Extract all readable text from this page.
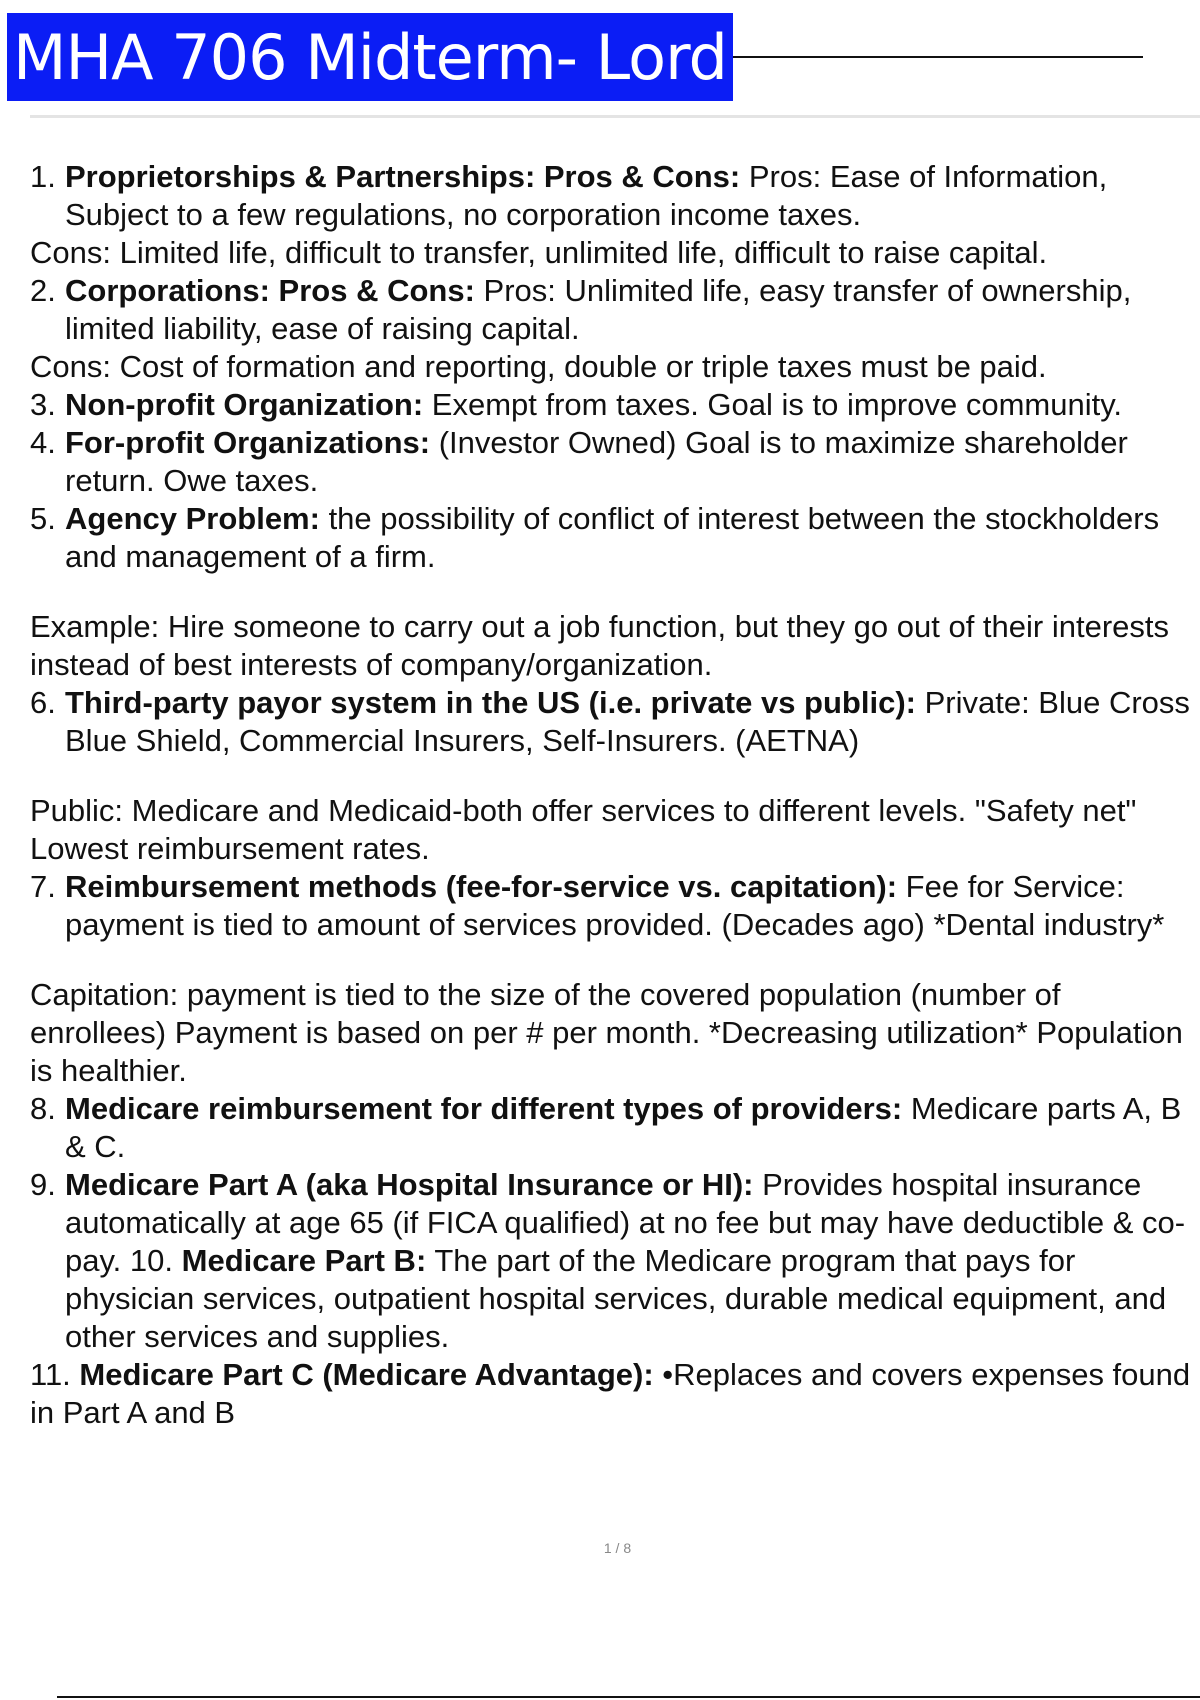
MHA 706 Midterm- Lord
1. Proprietorships & Partnerships: Pros & Cons: Pros: Ease of Information, Subject to a few regulations, no corporation income taxes.

Cons: Limited life, difficult to transfer, unlimited life, difficult to raise capital.

2. Corporations: Pros & Cons: Pros: Unlimited life, easy transfer of ownership, limited liability, ease of raising capital.

Cons: Cost of formation and reporting, double or triple taxes must be paid.

3. Non-profit Organization: Exempt from taxes. Goal is to improve community.
4. For-profit Organizations: (Investor Owned) Goal is to maximize shareholder return. Owe taxes.
5. Agency Problem: the possibility of conflict of interest between the stockholders and management of a firm.

Example: Hire someone to carry out a job function, but they go out of their interests instead of best interests of company/organization.

6. Third-party payor system in the US (i.e. private vs public): Private: Blue Cross Blue Shield, Commercial Insurers, Self-Insurers. (AETNA)

Public: Medicare and Medicaid-both offer services to different levels. "Safety net" Lowest reimbursement rates.

7. Reimbursement methods (fee-for-service vs. capitation): Fee for Service: payment is tied to amount of services provided. (Decades ago) *Dental industry*

Capitation: payment is tied to the size of the covered population (number of enrollees) Payment is based on per # per month. *Decreasing utilization* Population is healthier.

8. Medicare reimbursement for different types of providers: Medicare parts A, B & C.
9. Medicare Part A (aka Hospital Insurance or HI): Provides hospital insurance automatically at age 65 (if FICA qualified) at no fee but may have deductible & co-pay. 10. Medicare Part B: The part of the Medicare program that pays for physician services, outpatient hospital services, durable medical equipment, and other services and supplies.

11. Medicare Part C (Medicare Advantage): •Replaces and covers expenses found in Part A and B

1 / 8
